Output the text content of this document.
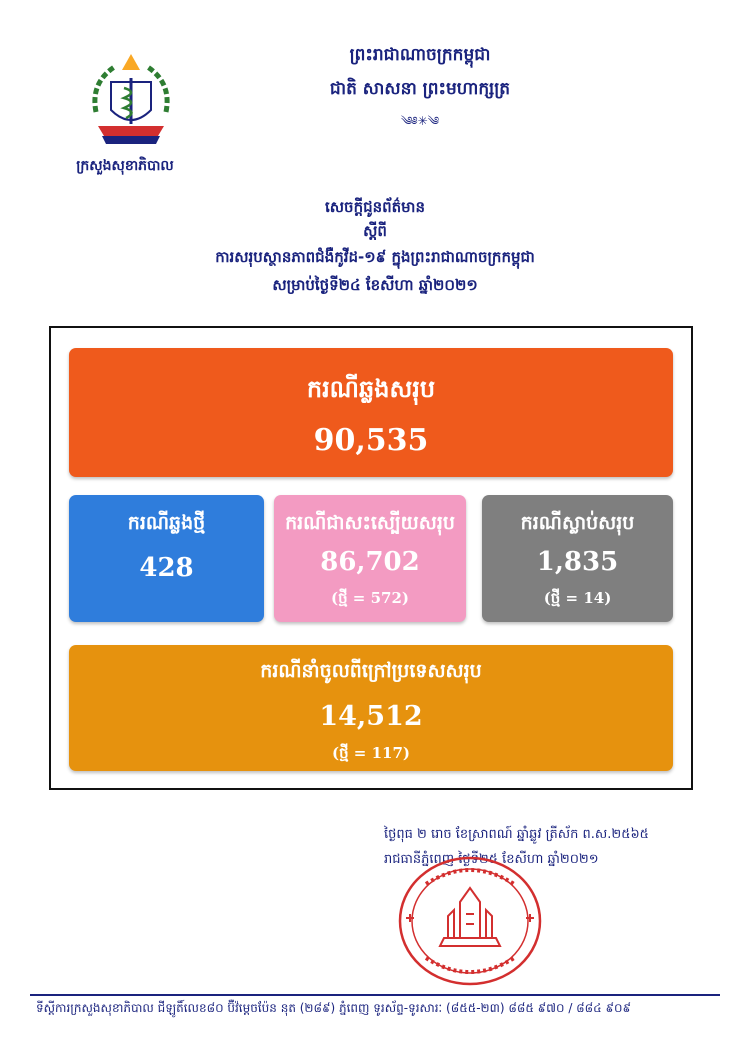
ព្រះរាជាណាចក្រកម្ពុជា
ជាតិ សាសនា ព្រះមហាក្សត្រ
༄༅✳༄
ក្រសួងសុខាភិបាល
សេចក្តីជូនព័ត៌មាន
ស្តីពី
ការសរុបស្ថានភាពជំងឺកូវីដ-១៩ ក្នុងព្រះរាជាណាចក្រកម្ពុជា
សម្រាប់ថ្ងៃទី២៤ ខែសីហា ឆ្នាំ២០២១
ករណីឆ្លងសរុប
90,535
ករណីឆ្លងថ្មី
428
ករណីជាសះស្បើយសរុប
86,702
(ថ្មី = 572)
ករណីស្លាប់សរុប
1,835
(ថ្មី = 14)
ករណីនាំចូលពីក្រៅប្រទេសសរុប
14,512
(ថ្មី = 117)
ថ្ងៃពុធ ២ រោច ខែស្រាពណ៍ ឆ្នាំឆ្លូវ ត្រីស័ក ព.ស.២៥៦៥
រាជធានីភ្នំពេញ ថ្ងៃទី២៥ ខែសីហា ឆ្នាំ២០២១
ទីស្តីការក្រសួងសុខាភិបាល ជីឡូតិ៍លេខ៨០ ប៊ឺវ៉ម្តេចប៉ែន នុត (២៨៩) ភ្នំពេញ ទូរស័ព្ទ-ទូរសារៈ (៨៥៥-២៣) ៨៨៥ ៩៧០ / ៨៨៤ ៩០៩
